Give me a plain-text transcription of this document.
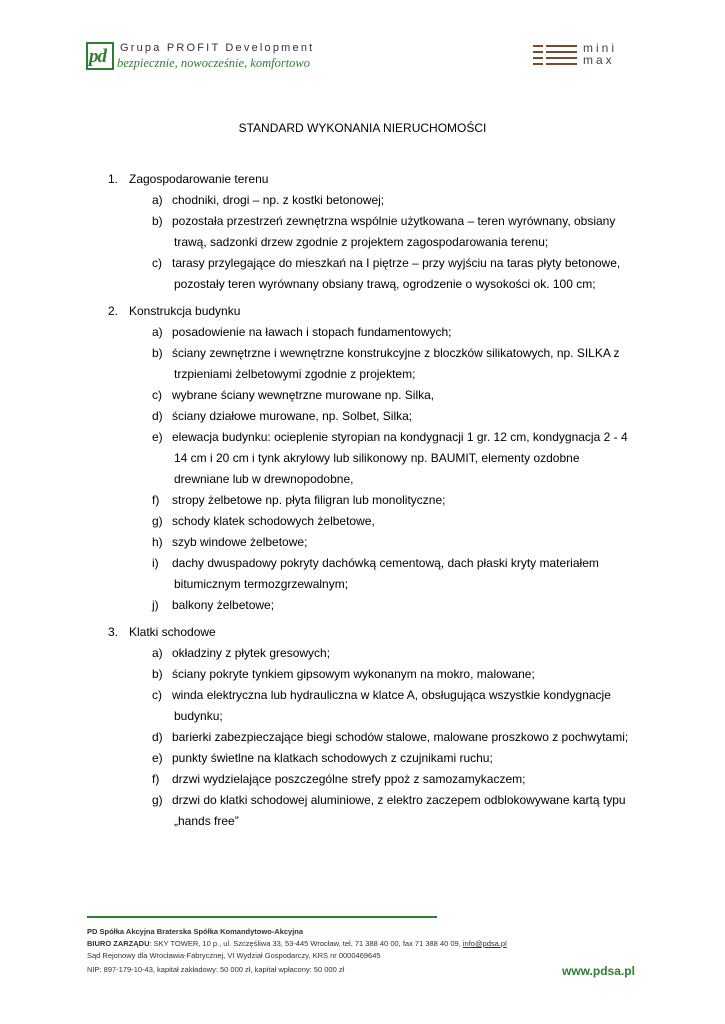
pd Grupa PROFIT Development
bezpiecznie, nowocześnie, komfortowo
mini
max
STANDARD WYKONANIA NIERUCHOMOŚCI
1. Zagospodarowanie terenu
a) chodniki, drogi – np. z kostki betonowej;
b) pozostała przestrzeń zewnętrzna wspólnie użytkowana – teren wyrównany, obsiany
trawą, sadzonki drzew zgodnie z projektem zagospodarowania terenu;
c) tarasy przylegające do mieszkań na I piętrze – przy wyjściu na taras płyty betonowe,
pozostały teren wyrównany obsiany trawą, ogrodzenie o wysokości ok. 100 cm;
2. Konstrukcja budynku
a) posadowienie na ławach i stopach fundamentowych;
b) ściany zewnętrzne i wewnętrzne konstrukcyjne z bloczków silikatowych, np. SILKA z
trzpieniami żelbetowymi zgodnie z projektem;
c) wybrane ściany wewnętrzne murowane np. Silka,
d) ściany działowe murowane, np. Solbet, Silka;
e) elewacja budynku: ocieplenie styropian na kondygnacji 1 gr. 12 cm, kondygnacja 2 - 4
14 cm i 20 cm i tynk akrylowy lub silikonowy np. BAUMIT, elementy ozdobne
drewniane lub w drewnopodobne,
f) stropy żelbetowe np. płyta filigran lub monolityczne;
g) schody klatek schodowych żelbetowe,
h) szyb windowe żelbetowe;
i) dachy dwuspadowy pokryty dachówką cementową, dach płaski kryty materiałem
bitumicznym termozgrzewalnym;
j) balkony żelbetowe;
3. Klatki schodowe
a) okładziny z płytek gresowych;
b) ściany pokryte tynkiem gipsowym wykonanym na mokro, malowane;
c) winda elektryczna lub hydrauliczna w klatce A, obsługująca wszystkie kondygnacje
budynku;
d) barierki zabezpieczające biegi schodów stalowe, malowane proszkowo z pochwytami;
e) punkty świetlne na klatkach schodowych z czujnikami ruchu;
f) drzwi wydzielające poszczególne strefy ppoż z samozamykaczem;
g) drzwi do klatki schodowej aluminiowe, z elektro zaczepem odblokowywane kartą typu
„hands free”
PD Spółka Akcyjna Braterska Spółka Komandytowo-Akcyjna
BIURO ZARZĄDU: SKY TOWER, 10 p., ul. Szczęśliwa 33, 53-445 Wrocław, tel. 71 388 40 00, fax 71 388 40 09, info@pdsa.pl
Sąd Rejonowy dla Wrocławia-Fabrycznej, VI Wydział Gospodarczy, KRS nr 0000469645
NIP: 897-179-10-43, kapitał zakładowy: 50 000 zł, kapitał wpłacony: 50 000 zł	www.pdsa.pl
